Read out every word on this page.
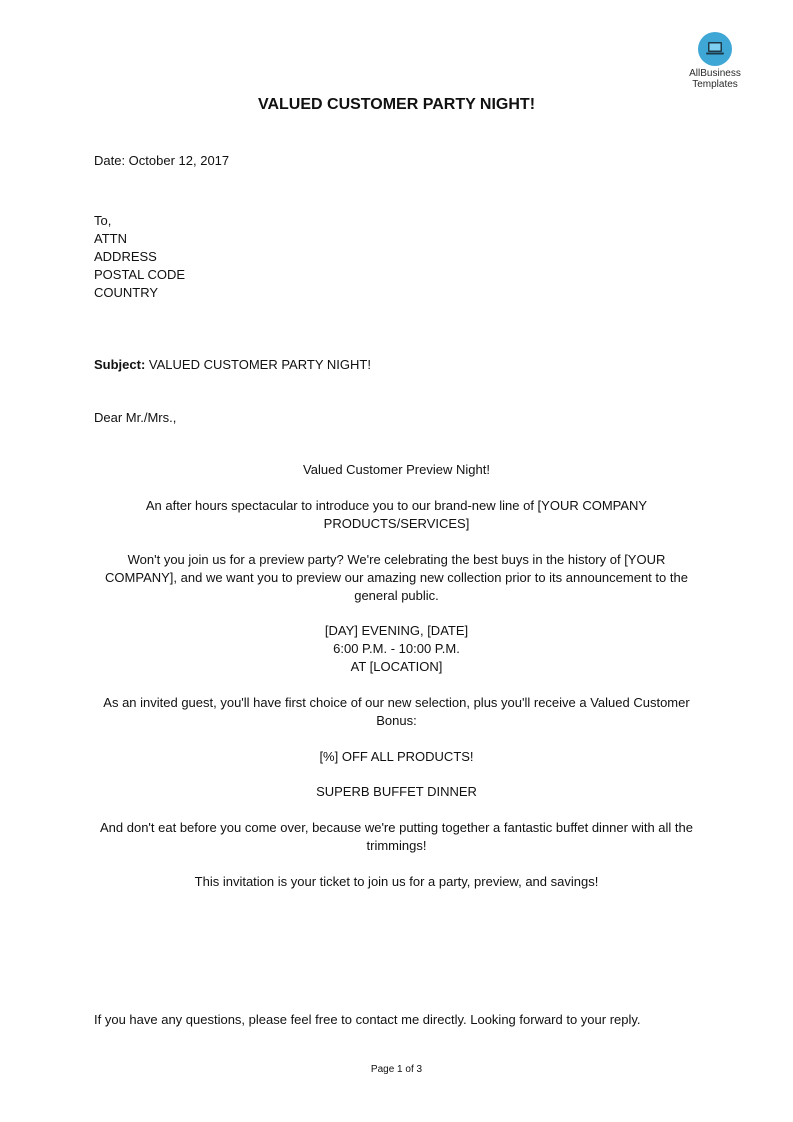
AllBusiness
Templates
VALUED CUSTOMER PARTY NIGHT!
Date: October 12, 2017

To,

ATTN

ADDRESS

POSTAL CODE

COUNTRY

Subject: VALUED CUSTOMER PARTY NIGHT!
Dear Mr./Mrs.,
Valued Customer Preview Night!
An after hours spectacular to introduce you to our brand-new line of [YOUR COMPANY PRODUCTS/SERVICES]
Won't you join us for a preview party? We're celebrating the best buys in the history of [YOUR COMPANY], and we want you to preview our amazing new collection prior to its announcement to the general public.

[DAY] EVENING, [DATE]

6:00 P.M. - 10:00 P.M.

AT [LOCATION]

As an invited guest, you'll have first choice of our new selection, plus you'll receive a Valued Customer Bonus:
[%] OFF ALL PRODUCTS!
SUPERB BUFFET DINNER
And don't eat before you come over, because we're putting together a fantastic buffet dinner with all the trimmings!
This invitation is your ticket to join us for a party, preview, and savings!
If you have any questions, please feel free to contact me directly. Looking forward to your reply.
Page 1 of 3
